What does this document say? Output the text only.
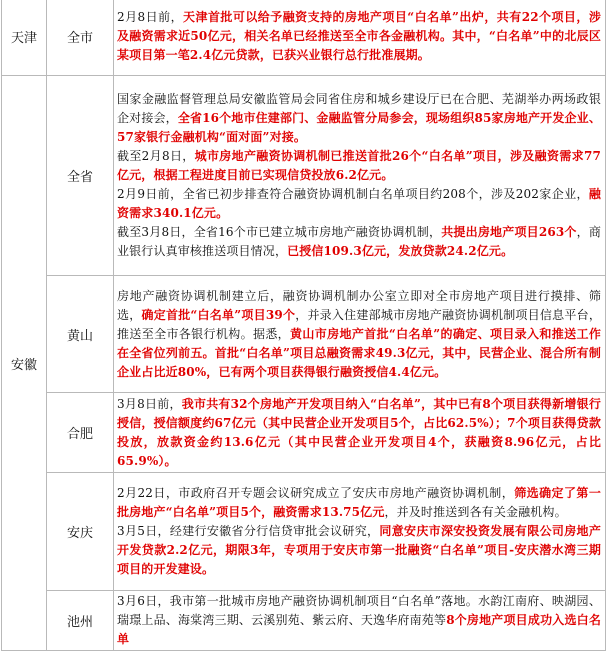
天津	全市	2月8日前，天津首批可以给予融资支持的房地产项目“白名单”出炉，共有22个项目，涉及融资需求近50亿元，相关名单已经推送至全市各金融机构。其中，“白名单”中的北辰区某项目第一笔2.4亿元贷款，已获兴业银行总行批准展期。

安徽	全省	国家金融监督管理总局安徽监管局会同省住房和城乡建设厅已在合肥、芜湖举办两场政银企对接会，全省16个地市住建部门、金融监管分局参会，现场组织85家房地产开发企业、57家银行金融机构“面对面”对接。

截至2月8日，城市房地产融资协调机制已推送首批26个“白名单”项目，涉及融资需求77亿元，根据工程进度目前已实现信贷投放6.2亿元。

2月9日前，全省已初步排查符合融资协调机制白名单项目约208个，涉及202家企业，融资需求340.1亿元。

截至3月8日，全省16个市已建立城市房地产融资协调机制，共提出房地产项目263个，商业银行认真审核推送项目情况，已授信109.3亿元，发放贷款24.2亿元。

	黄山	房地产融资协调机制建立后，融资协调机制办公室立即对全市房地产项目进行摸排、筛选，确定首批“白名单”项目39个，并录入住建部城市房地产融资协调机制项目信息平台，推送至全市各银行机构。据悉，黄山市房地产首批“白名单”的确定、项目录入和推送工作在全省位列前五。首批“白名单”项目总融资需求49.3亿元，其中，民营企业、混合所有制企业占比近80%，已有两个项目获得银行融资授信4.4亿元。

	合肥	3月8日前，我市共有32个房地产开发项目纳入“白名单”，其中已有8个项目获得新增银行授信，授信额度约67亿元（其中民营企业开发项目5个，占比62.5%）；7个项目获得贷款投放，放款资金约13.6亿元（其中民营企业开发项目4个，获融资8.96亿元，占比65.9%）。

	安庆	2月22日，市政府召开专题会议研究成立了安庆市房地产融资协调机制，筛选确定了第一批房地产“白名单”项目5个，融资需求13.75亿元，并及时推送到各有关金融机构。

3月5日，经建行安徽省分行信贷审批会议研究，同意安庆市深安投资发展有限公司房地产开发贷款2.2亿元，期限3年，专项用于安庆市第一批融资“白名单”项目-安庆潜水湾三期项目的开发建设。

	池州	3月6日，我市第一批城市房地产融资协调机制项目“白名单”落地。水韵江南府、映湖园、瑞璟上品、海棠湾三期、云溪别苑、紫云府、天逸华府南苑等8个房地产项目成功入选白名单
